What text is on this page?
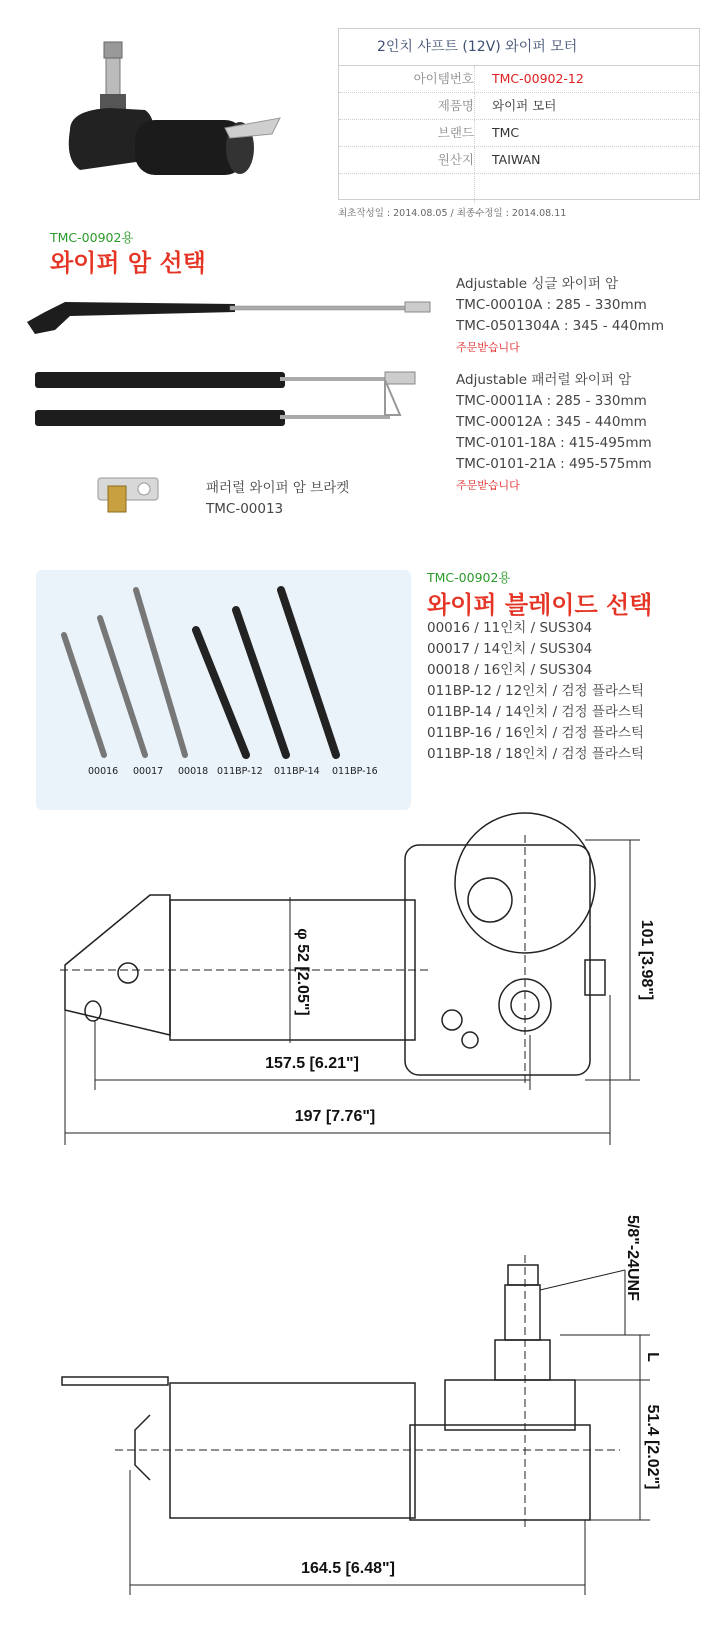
2인치 샤프트 (12V) 와이퍼 모터
아이템번호 TMC-00902-12
제품명 와이퍼 모터
브랜드 TMC
원산지 TAIWAN
최초작성일 : 2014.08.05 / 최종수정일 : 2014.08.11
TMC-00902용
와이퍼 암 선택
Adjustable 싱글 와이퍼 암
TMC-00010A : 285 - 330mm
TMC-0501304A : 345 - 440mm
주문받습니다
Adjustable 패러럴 와이퍼 암
TMC-00011A : 285 - 330mm
TMC-00012A : 345 - 440mm
TMC-0101-18A : 415-495mm
TMC-0101-21A : 495-575mm
주문받습니다
패러럴 와이퍼 암 브라켓
TMC-00013
00016 00017 00018 011BP-12 011BP-14 011BP-16
TMC-00902용
와이퍼 블레이드 선택
00016 / 11인치 / SUS304
00017 / 14인치 / SUS304
00018 / 16인치 / SUS304
011BP-12 / 12인치 / 검정 플라스틱
011BP-14 / 14인치 / 검정 플라스틱
011BP-16 / 16인치 / 검정 플라스틱
011BP-18 / 18인치 / 검정 플라스틱
φ 52 [2.05"]	101 [3.98"]
157.5 [6.21"]
197 [7.76"]
5/8"-24UNF
L
51.4 [2.02"]
164.5 [6.48"]
